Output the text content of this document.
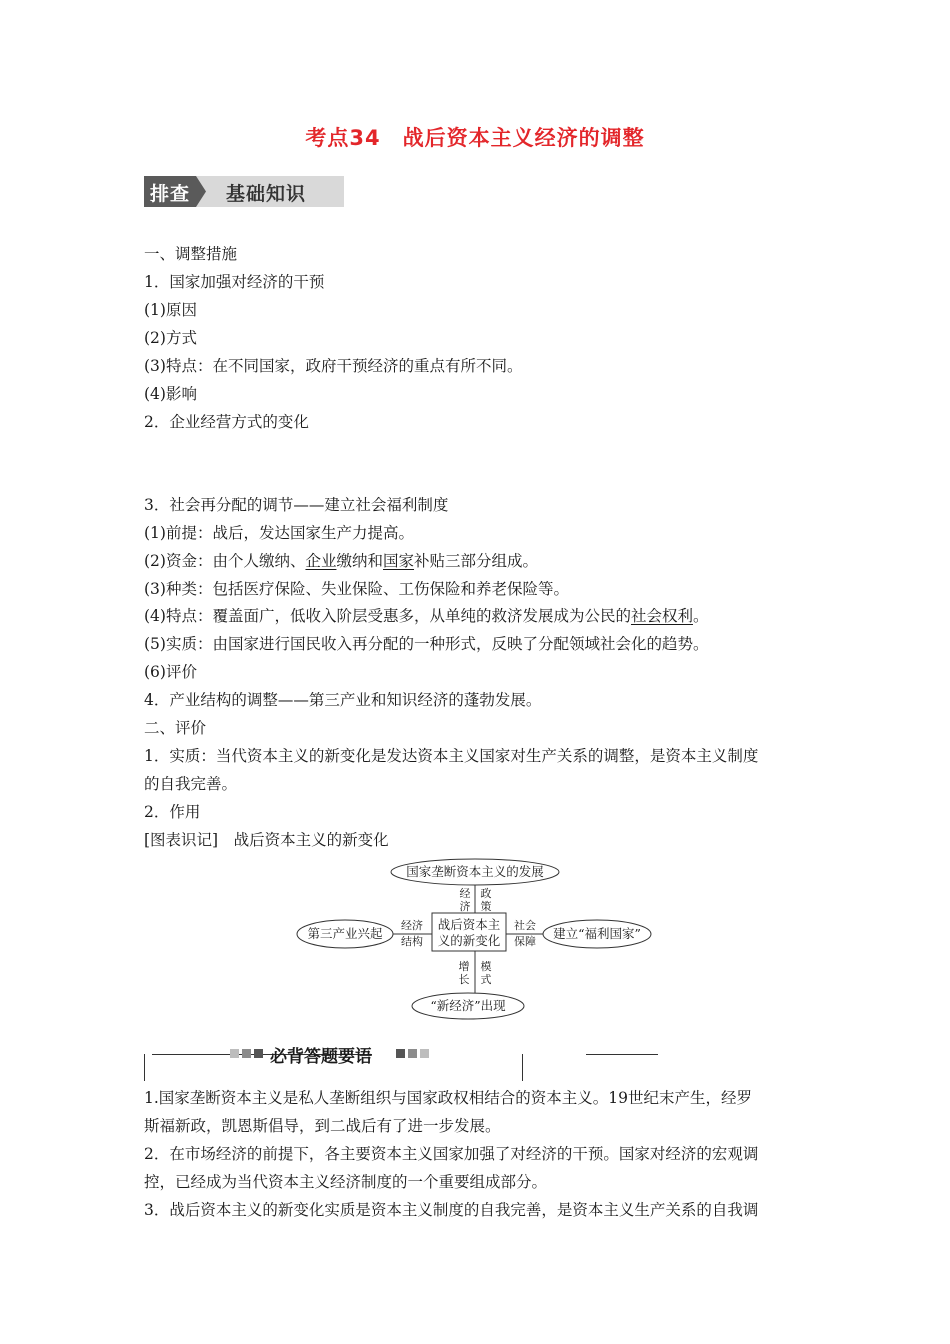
考点34 战后资本主义经济的调整
排查 基础知识
一、调整措施
1．国家加强对经济的干预
(1)原因
(2)方式
(3)特点：在不同国家，政府干预经济的重点有所不同。
(4)影响
2．企业经营方式的变化
3．社会再分配的调节——建立社会福利制度
(1)前提：战后，发达国家生产力提高。
(2)资金：由个人缴纳、企业缴纳和国家补贴三部分组成。
(3)种类：包括医疗保险、失业保险、工伤保险和养老保险等。
(4)特点：覆盖面广，低收入阶层受惠多，从单纯的救济发展成为公民的社会权利。
(5)实质：由国家进行国民收入再分配的一种形式，反映了分配领域社会化的趋势。
(6)评价
4．产业结构的调整——第三产业和知识经济的蓬勃发展。
二、评价
1．实质：当代资本主义的新变化是发达资本主义国家对生产关系的调整，是资本主义制度
的自我完善。
2．作用
[图表识记]　战后资本主义的新变化
国家垄断资本主义的发展
第三产业兴起	建立“福利国家”
“新经济”出现
战后资本主
义的新变化
经
济
政
策
经济
结构
社会
保障
增
长
模
式
必背答题要语
1.国家垄断资本主义是私人垄断组织与国家政权相结合的资本主义。19世纪末产生，经罗
斯福新政，凯恩斯倡导，到二战后有了进一步发展。
2．在市场经济的前提下，各主要资本主义国家加强了对经济的干预。国家对经济的宏观调
控，已经成为当代资本主义经济制度的一个重要组成部分。
3．战后资本主义的新变化实质是资本主义制度的自我完善，是资本主义生产关系的自我调
